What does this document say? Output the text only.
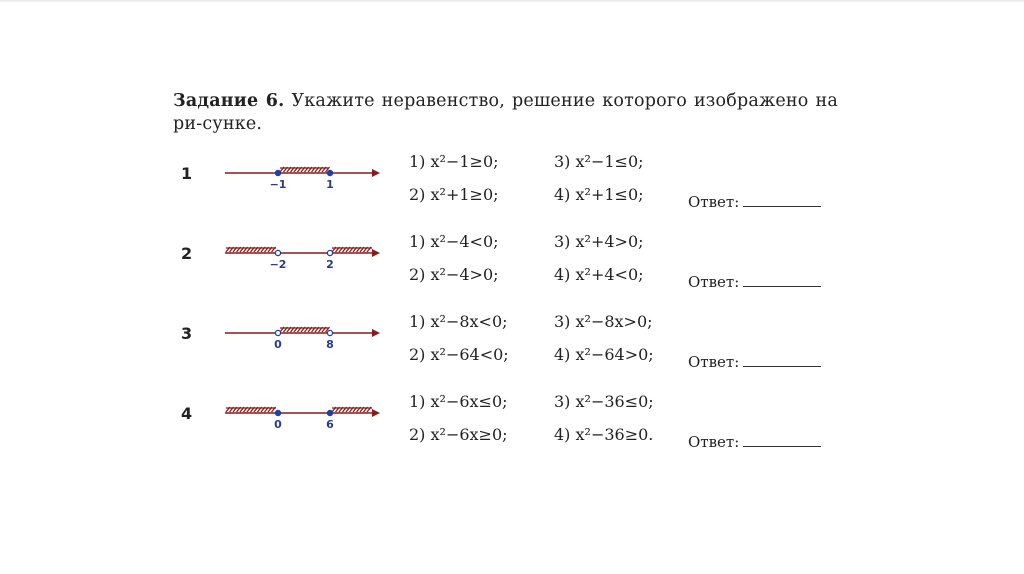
Задание 6. Укажите неравенство, решение которого изображено на ри-сунке.
1
−1	1
1) x²−1≥0;	3) x²−1≤0;
2) x²+1≥0;	4) x²+1≤0;	Ответ:
2
−2	2
1) x²−4<0;	3) x²+4>0;
2) x²−4>0;	4) x²+4<0;	Ответ:
3
0	8
1) x²−8x<0;	3) x²−8x>0;
2) x²−64<0;	4) x²−64>0; Ответ:
4
0	6
1) x²−6x≤0;	3) x²−36≤0;
2) x²−6x≥0;	4) x²−36≥0. Ответ:
